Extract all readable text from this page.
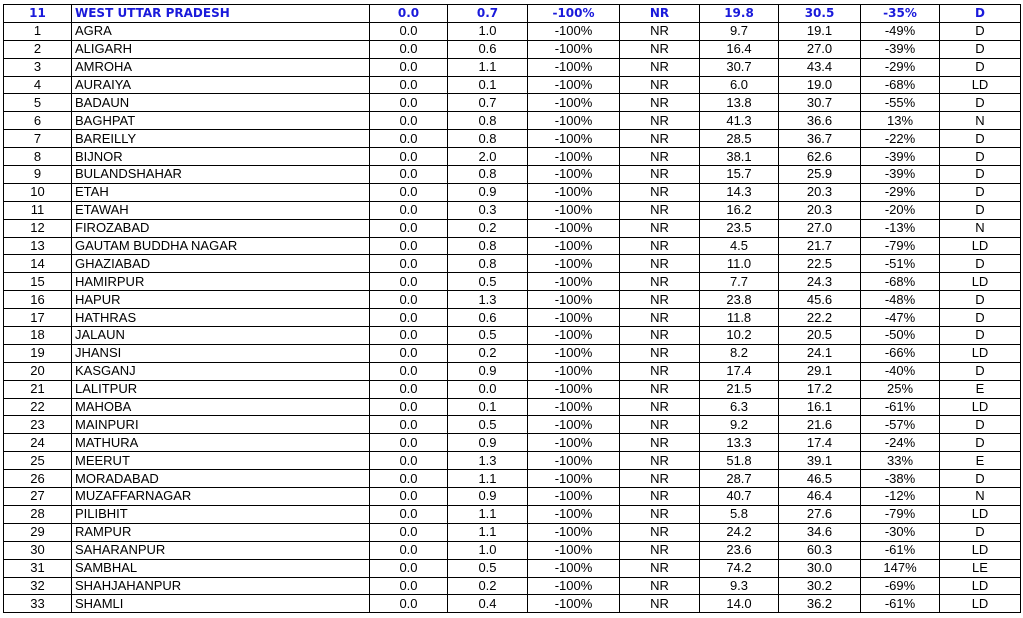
11	WEST UTTAR PRADESH	0.0	0.7	-100%	NR	19.8	30.5	-35%	D
1	AGRA	0.0	1.0	-100%	NR	9.7	19.1	-49%	D
2	ALIGARH	0.0	0.6	-100%	NR	16.4	27.0	-39%	D
3	AMROHA	0.0	1.1	-100%	NR	30.7	43.4	-29%	D
4	AURAIYA	0.0	0.1	-100%	NR	6.0	19.0	-68%	LD
5	BADAUN	0.0	0.7	-100%	NR	13.8	30.7	-55%	D
6	BAGHPAT	0.0	0.8	-100%	NR	41.3	36.6	13%	N
7	BAREILLY	0.0	0.8	-100%	NR	28.5	36.7	-22%	D
8	BIJNOR	0.0	2.0	-100%	NR	38.1	62.6	-39%	D
9	BULANDSHAHAR	0.0	0.8	-100%	NR	15.7	25.9	-39%	D
10	ETAH	0.0	0.9	-100%	NR	14.3	20.3	-29%	D
11	ETAWAH	0.0	0.3	-100%	NR	16.2	20.3	-20%	D
12	FIROZABAD	0.0	0.2	-100%	NR	23.5	27.0	-13%	N
13	GAUTAM BUDDHA NAGAR	0.0	0.8	-100%	NR	4.5	21.7	-79%	LD
14	GHAZIABAD	0.0	0.8	-100%	NR	11.0	22.5	-51%	D
15	HAMIRPUR	0.0	0.5	-100%	NR	7.7	24.3	-68%	LD
16	HAPUR	0.0	1.3	-100%	NR	23.8	45.6	-48%	D
17	HATHRAS	0.0	0.6	-100%	NR	11.8	22.2	-47%	D
18	JALAUN	0.0	0.5	-100%	NR	10.2	20.5	-50%	D
19	JHANSI	0.0	0.2	-100%	NR	8.2	24.1	-66%	LD
20	KASGANJ	0.0	0.9	-100%	NR	17.4	29.1	-40%	D
21	LALITPUR	0.0	0.0	-100%	NR	21.5	17.2	25%	E
22	MAHOBA	0.0	0.1	-100%	NR	6.3	16.1	-61%	LD
23	MAINPURI	0.0	0.5	-100%	NR	9.2	21.6	-57%	D
24	MATHURA	0.0	0.9	-100%	NR	13.3	17.4	-24%	D
25	MEERUT	0.0	1.3	-100%	NR	51.8	39.1	33%	E
26	MORADABAD	0.0	1.1	-100%	NR	28.7	46.5	-38%	D
27	MUZAFFARNAGAR	0.0	0.9	-100%	NR	40.7	46.4	-12%	N
28	PILIBHIT	0.0	1.1	-100%	NR	5.8	27.6	-79%	LD
29	RAMPUR	0.0	1.1	-100%	NR	24.2	34.6	-30%	D
30	SAHARANPUR	0.0	1.0	-100%	NR	23.6	60.3	-61%	LD
31	SAMBHAL	0.0	0.5	-100%	NR	74.2	30.0	147%	LE
32	SHAHJAHANPUR	0.0	0.2	-100%	NR	9.3	30.2	-69%	LD
33	SHAMLI	0.0	0.4	-100%	NR	14.0	36.2	-61%	LD
